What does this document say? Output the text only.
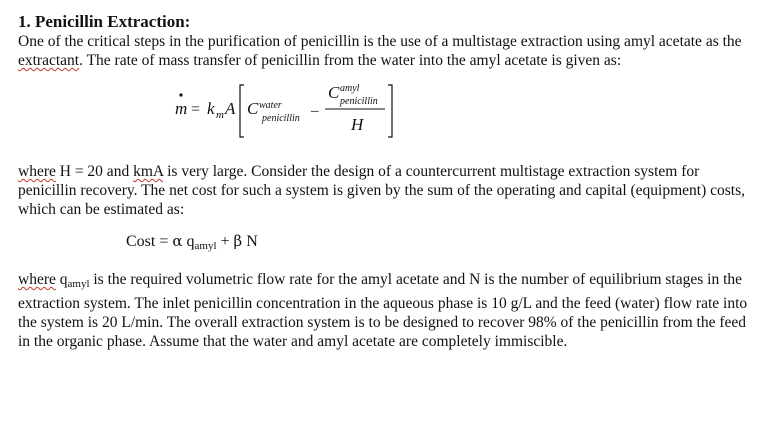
1. Penicillin Extraction:

One of the critical steps in the purification of penicillin is the use of a multistage extraction using amyl acetate as the extractant. The rate of mass transfer of penicillin from the water into the amyl acetate is given as:

m = k m A C water
penicillin –
C amyl
penicillin
H

where H = 20 and kmA is very large. Consider the design of a countercurrent multistage extraction system for penicillin recovery. The net cost for such a system is given by the sum of the operating and capital (equipment) costs, which can be estimated as:

Cost = α $q_{amyl} + \beta$ N

where $q_{amyl}$ is the required volumetric flow rate for the amyl acetate and N is the number of equilibrium stages in the extraction system. The inlet penicillin concentration in the aqueous phase is 10 g/L and the feed (water) flow rate into the system is 20 L/min. The overall extraction system is to be designed to recover 98% of the penicillin from the feed in the organic phase. Assume that the water and amyl acetate are completely immiscible.
